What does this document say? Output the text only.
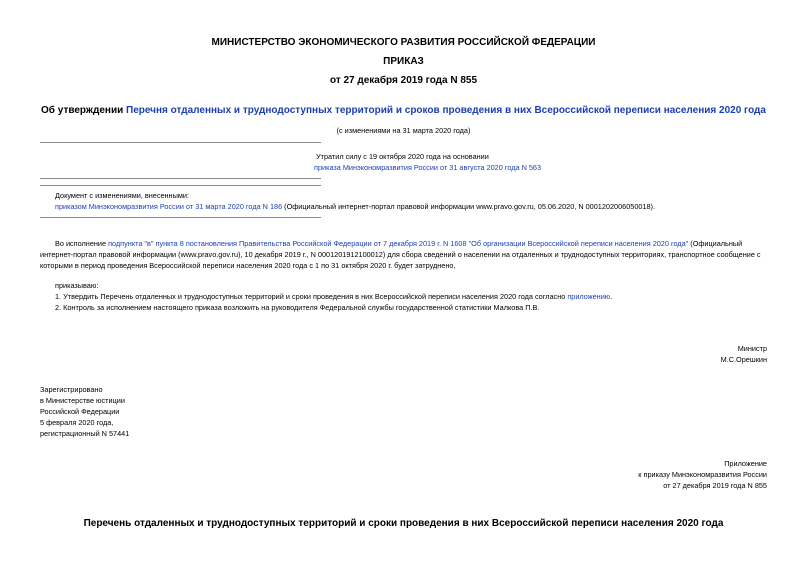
МИНИСТЕРСТВО ЭКОНОМИЧЕСКОГО РАЗВИТИЯ РОССИЙСКОЙ ФЕДЕРАЦИИ
ПРИКАЗ
от 27 декабря 2019 года N 855
Об утверждении Перечня отдаленных и труднодоступных территорий и сроков проведения в них Всероссийской переписи населения 2020 года
(с изменениями на 31 марта 2020 года)
Утратил силу с 19 октября 2020 года на основании
приказа Минэкономразвития России от 31 августа 2020 года N 563
Документ с изменениями, внесенными:
приказом Минэкономразвития России от 31 марта 2020 года N 186 (Официальный интернет-портал правовой информации www.pravo.gov.ru, 05.06.2020, N 0001202006050018).
Во исполнение подпункта "в" пункта 8 постановления Правительства Российской Федерации от 7 декабря 2019 г. N 1608 "Об организации Всероссийской переписи населения 2020 года" (Официальный интернет-портал правовой информации (www.pravo.gov.ru), 10 декабря 2019 г., N 0001201912100012) для сбора сведений о населении на отдаленных и труднодоступных территориях, транспортное сообщение с которыми в период проведения Всероссийской переписи населения 2020 года с 1 по 31 октября 2020 г. будет затруднено,
приказываю:
1. Утвердить Перечень отдаленных и труднодоступных территорий и сроки проведения в них Всероссийской переписи населения 2020 года согласно приложению.
2. Контроль за исполнением настоящего приказа возложить на руководителя Федеральной службы государственной статистики Малкова П.В.
Министр
М.С.Орешкин
Зарегистрировано
в Министерстве юстиции
Российской Федерации
5 февраля 2020 года,
регистрационный N 57441
Приложение
к приказу Минэкономразвития России
от 27 декабря 2019 года N 855
Перечень отдаленных и труднодоступных территорий и сроки проведения в них Всероссийской переписи населения 2020 года
